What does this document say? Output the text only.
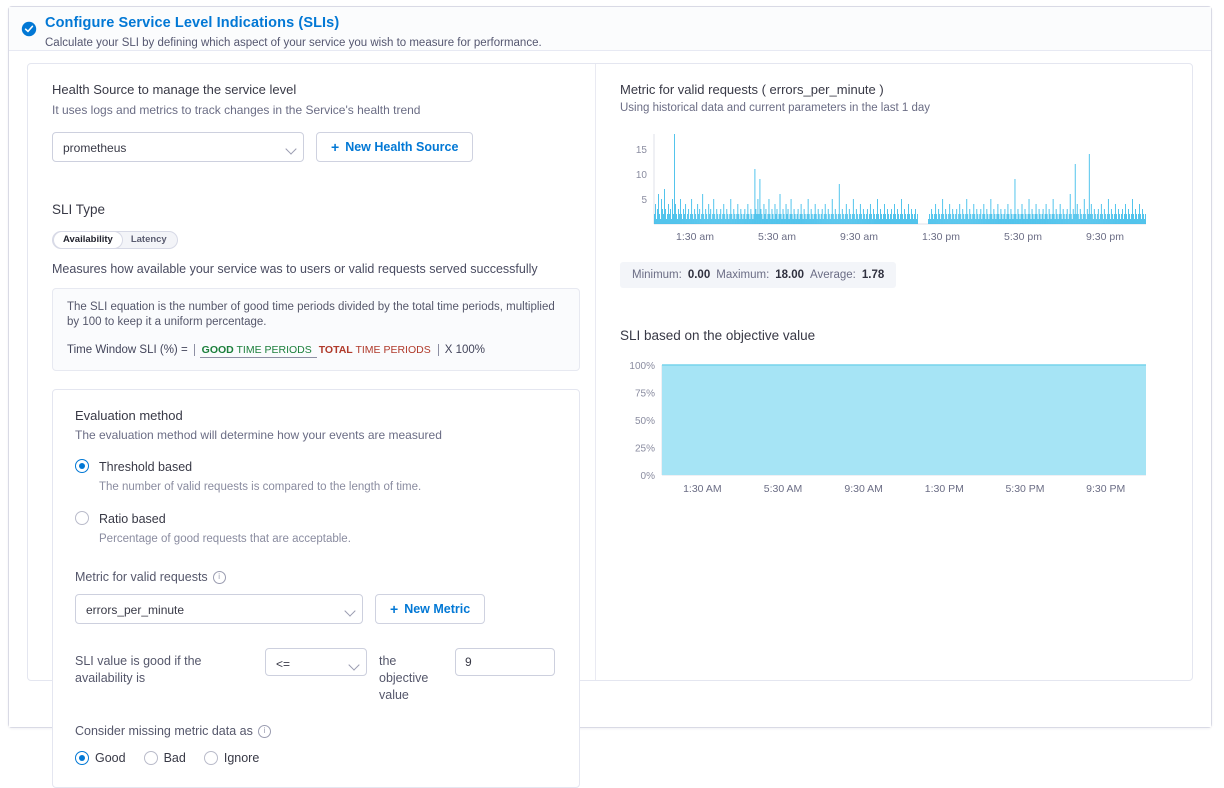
Configure Service Level Indications (SLIs)
Calculate your SLI by defining which aspect of your service you wish to measure for performance.
Health Source to manage the service level
It uses logs and metrics to track changes in the Service's health trend
prometheus	+ New Health Source
SLI Type
Availability	Latency
Measures how available your service was to users or valid requests served successfully
The SLI equation is the number of good time periods divided by the total time periods, multiplied by 100 to keep it a uniform percentage.
Time Window SLI (%) =	GOOD TIME PERIODS TOTAL TIME PERIODS	X 100%
Evaluation method
The evaluation method will determine how your events are measured
Threshold based
The number of valid requests is compared to the length of time.
Ratio based
Percentage of good requests that are acceptable.
Metric for valid requests	i
errors_per_minute	+ New Metric
SLI value is good if the availability is
<=	the objective value
9
Consider missing metric data as	i
Good	Bad	Ignore
Metric for valid requests ( errors_per_minute )
Using historical data and current parameters in the last 1 day
5
10
15
1:30 am	5:30 am	9:30 am	1:30 pm	5:30 pm	9:30 pm
Minimum: 0.00 Maximum: 18.00 Average: 1.78
SLI based on the objective value
0%
25%
50%
75%
100%
1:30 AM	5:30 AM	9:30 AM	1:30 PM	5:30 PM	9:30 PM
